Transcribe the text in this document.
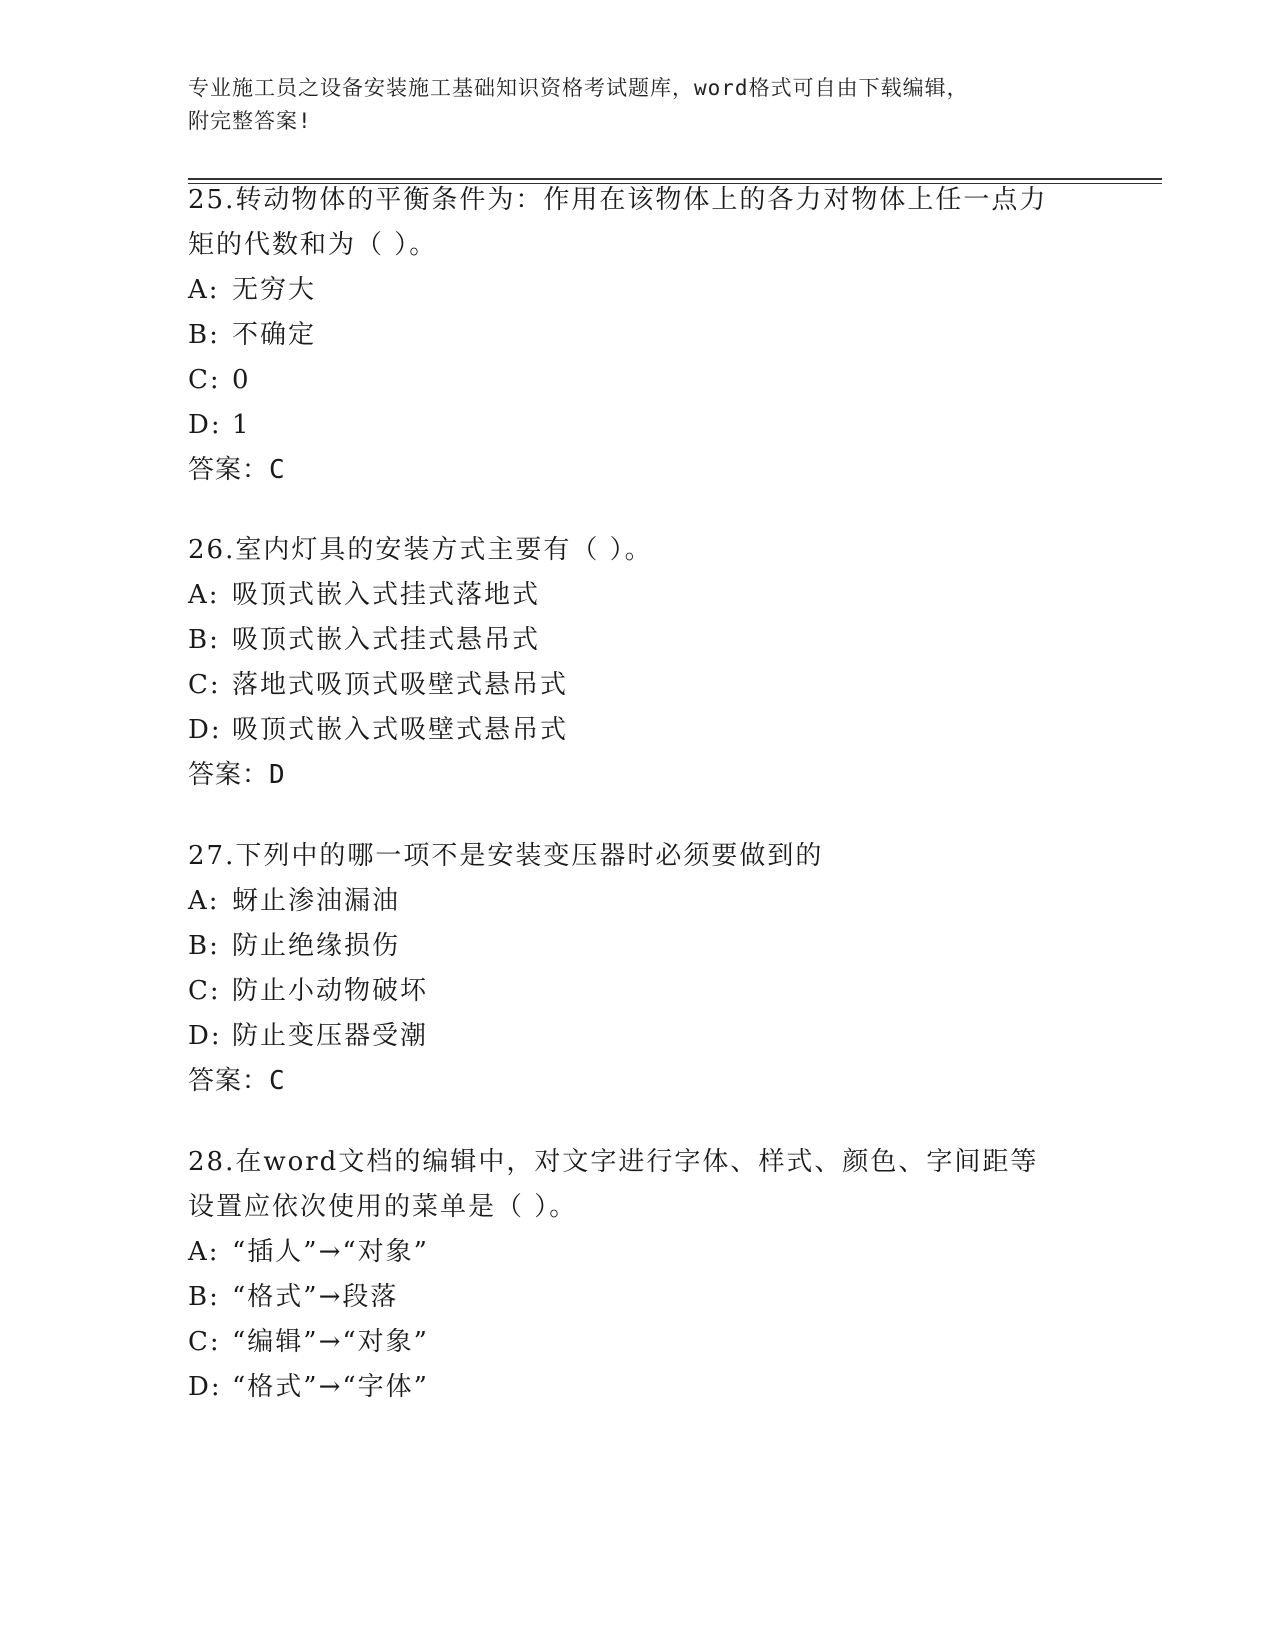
专业施工员之设备安装施工基础知识资格考试题库，word格式可自由下载编辑，
附完整答案!
25.转动物体的平衡条件为：作用在该物体上的各力对物体上任一点力
矩的代数和为（ ）。
A: 无穷大
B: 不确定
C: 0
D: 1
答案：C
26.室内灯具的安装方式主要有（ ）。
A: 吸顶式嵌入式挂式落地式
B: 吸顶式嵌入式挂式悬吊式
C: 落地式吸顶式吸壁式悬吊式
D: 吸顶式嵌入式吸壁式悬吊式
答案：D
27.下列中的哪一项不是安装变压器时必须要做到的
A: 蚜止渗油漏油
B: 防止绝缘损伤
C: 防止小动物破坏
D: 防止变压器受潮
答案：C
28.在word文档的编辑中，对文字进行字体、样式、颜色、字间距等
设置应依次使用的菜单是（ ）。
A: “插人”→“对象”
B: “格式”→段落
C: “编辑”→“对象”
D: “格式”→“字体”
